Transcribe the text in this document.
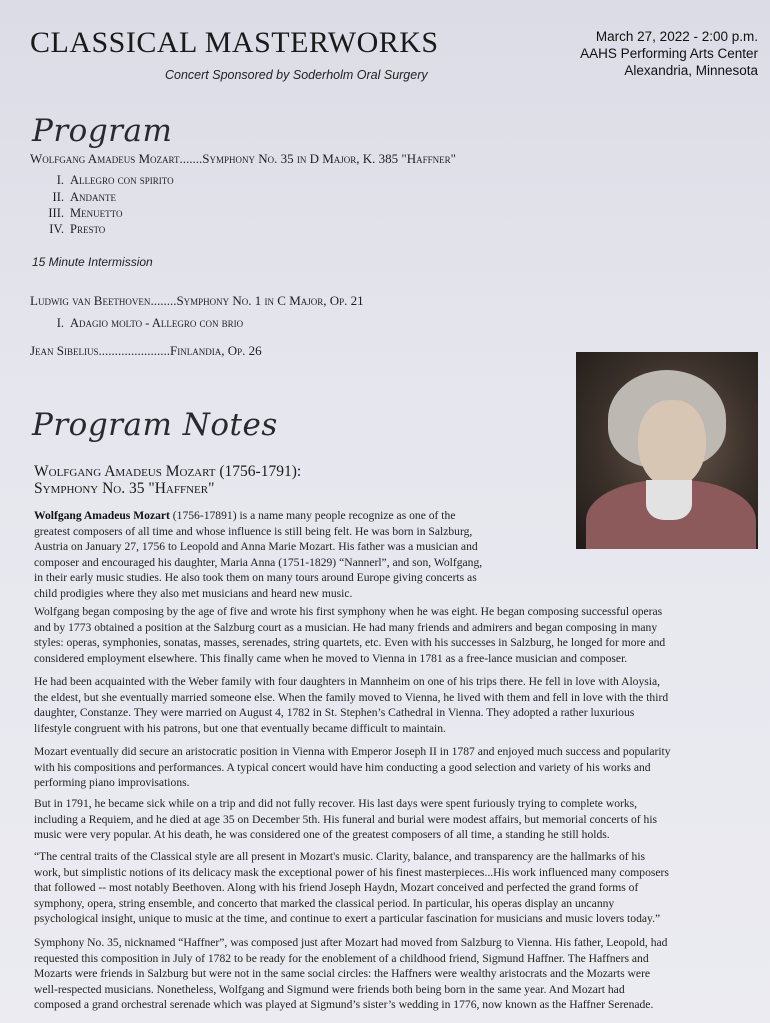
CLASSICAL MASTERWORKS
Concert Sponsored by Soderholm Oral Surgery
March 27, 2022 - 2:00 p.m.
AAHS Performing Arts Center
Alexandria, Minnesota
Program
Wolfgang Amadeus Mozart.......Symphony No. 35 in D Major, K. 385 "Haffner"
I. Allegro con spirito
II. Andante
III. Menuetto
IV. Presto
15 Minute Intermission
Ludwig van Beethoven........Symphony No. 1 in C Major, Op. 21
I. Adagio molto - Allegro con brio
Jean Sibelius......................Finlandia, Op. 26
Program Notes
Wolfgang Amadeus Mozart (1756-1791):
Symphony No. 35 "Haffner"

Wolfgang Amadeus Mozart (1756-17891) is a name many people recognize as one of the
greatest composers of all time and whose influence is still being felt. He was born in Salzburg,
Austria on January 27, 1756 to Leopold and Anna Marie Mozart. His father was a musician and
composer and encouraged his daughter, Maria Anna (1751-1829) “Nannerl”, and son, Wolfgang,
in their early music studies. He also took them on many tours around Europe giving concerts as
child prodigies where they also met musicians and heard new music.

Wolfgang began composing by the age of five and wrote his first symphony when he was eight. He began composing successful operas
and by 1773 obtained a position at the Salzburg court as a musician. He had many friends and admirers and began composing in many
styles: operas, symphonies, sonatas, masses, serenades, string quartets, etc. Even with his successes in Salzburg, he longed for more and
considered employment elsewhere. This finally came when he moved to Vienna in 1781 as a free-lance musician and composer.

He had been acquainted with the Weber family with four daughters in Mannheim on one of his trips there. He fell in love with Aloysia,
the eldest, but she eventually married someone else. When the family moved to Vienna, he lived with them and fell in love with the third
daughter, Constanze. They were married on August 4, 1782 in St. Stephen’s Cathedral in Vienna. They adopted a rather luxurious
lifestyle congruent with his patrons, but one that eventually became difficult to maintain.

Mozart eventually did secure an aristocratic position in Vienna with Emperor Joseph II in 1787 and enjoyed much success and popularity
with his compositions and performances. A typical concert would have him conducting a good selection and variety of his works and
performing piano improvisations.

But in 1791, he became sick while on a trip and did not fully recover. His last days were spent furiously trying to complete works,
including a Requiem, and he died at age 35 on December 5th. His funeral and burial were modest affairs, but memorial concerts of his
music were very popular. At his death, he was considered one of the greatest composers of all time, a standing he still holds.

“The central traits of the Classical style are all present in Mozart's music. Clarity, balance, and transparency are the hallmarks of his
work, but simplistic notions of its delicacy mask the exceptional power of his finest masterpieces...His work influenced many composers
that followed -- most notably Beethoven. Along with his friend Joseph Haydn, Mozart conceived and perfected the grand forms of
symphony, opera, string ensemble, and concerto that marked the classical period. In particular, his operas display an uncanny
psychological insight, unique to music at the time, and continue to exert a particular fascination for musicians and music lovers today.”

Symphony No. 35, nicknamed “Haffner”, was composed just after Mozart had moved from Salzburg to Vienna. His father, Leopold, had
requested this composition in July of 1782 to be ready for the enoblement of a childhood friend, Sigmund Haffner. The Haffners and
Mozarts were friends in Salzburg but were not in the same social circles: the Haffners were wealthy aristocrats and the Mozarts were
well-respected musicians. Nonetheless, Wolfgang and Sigmund were friends both being born in the same year. And Mozart had
composed a grand orchestral serenade which was played at Sigmund’s sister’s wedding in 1776, now known as the Haffner Serenade.
